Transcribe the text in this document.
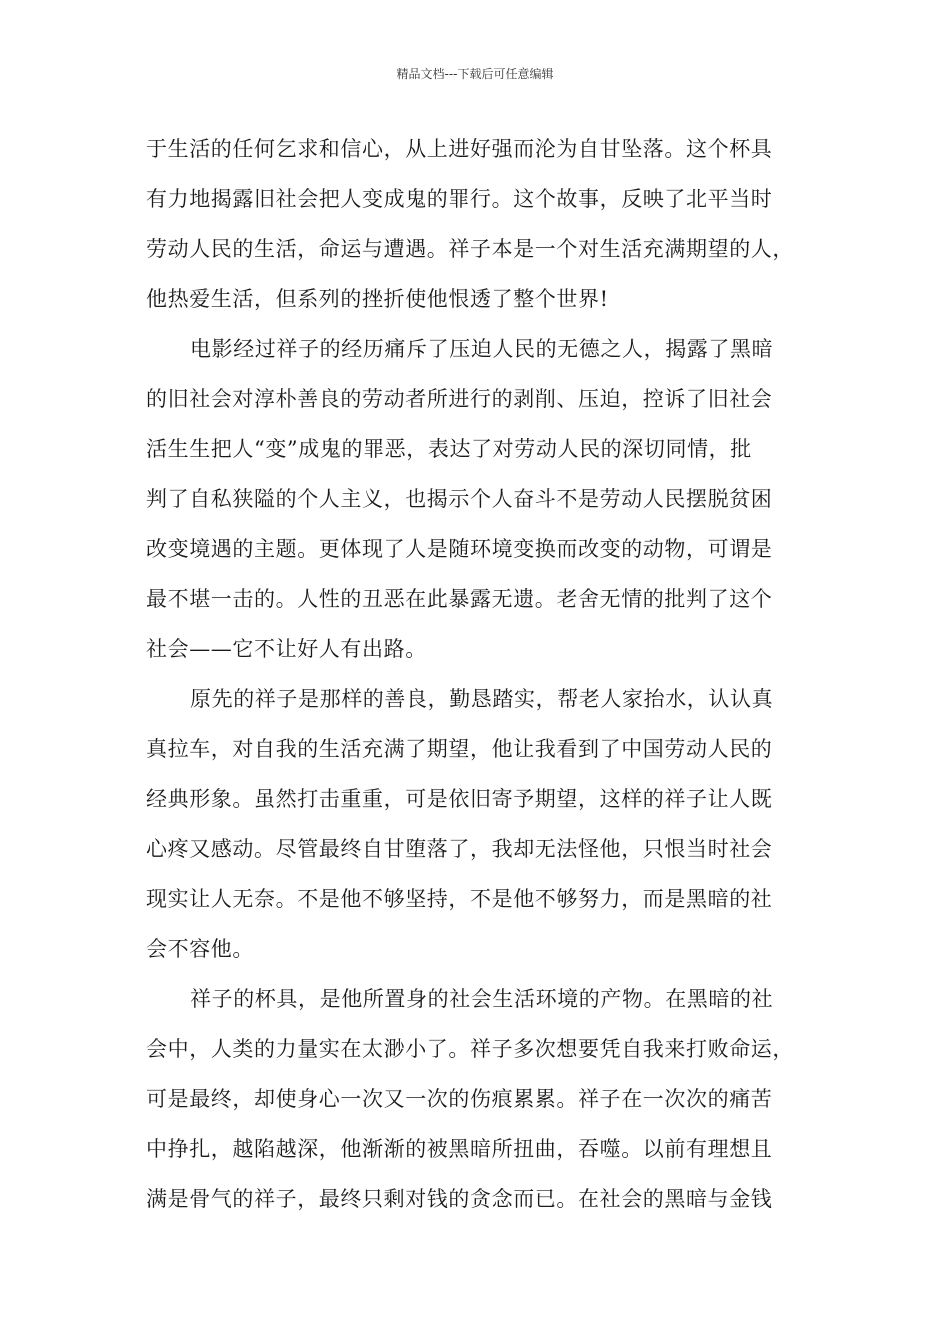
精品文档---下载后可任意编辑
于生活的任何乞求和信心，从上进好强而沦为自甘坠落。这个杯具
有力地揭露旧社会把人变成鬼的罪行。这个故事，反映了北平当时
劳动人民的生活，命运与遭遇。祥子本是一个对生活充满期望的人，
他热爱生活，但系列的挫折使他恨透了整个世界!
电影经过祥子的经历痛斥了压迫人民的无德之人，揭露了黑暗
的旧社会对淳朴善良的劳动者所进行的剥削、压迫，控诉了旧社会
活生生把人“变”成鬼的罪恶，表达了对劳动人民的深切同情，批
判了自私狭隘的个人主义，也揭示个人奋斗不是劳动人民摆脱贫困
改变境遇的主题。更体现了人是随环境变换而改变的动物，可谓是
最不堪一击的。人性的丑恶在此暴露无遗。老舍无情的批判了这个
社会——它不让好人有出路。
原先的祥子是那样的善良，勤恳踏实，帮老人家抬水，认认真
真拉车，对自我的生活充满了期望，他让我看到了中国劳动人民的
经典形象。虽然打击重重，可是依旧寄予期望，这样的祥子让人既
心疼又感动。尽管最终自甘堕落了，我却无法怪他，只恨当时社会
现实让人无奈。不是他不够坚持，不是他不够努力，而是黑暗的社
会不容他。
祥子的杯具，是他所置身的社会生活环境的产物。在黑暗的社
会中，人类的力量实在太渺小了。祥子多次想要凭自我来打败命运，
可是最终，却使身心一次又一次的伤痕累累。祥子在一次次的痛苦
中挣扎，越陷越深，他渐渐的被黑暗所扭曲，吞噬。以前有理想且
满是骨气的祥子，最终只剩对钱的贪念而已。在社会的黑暗与金钱
